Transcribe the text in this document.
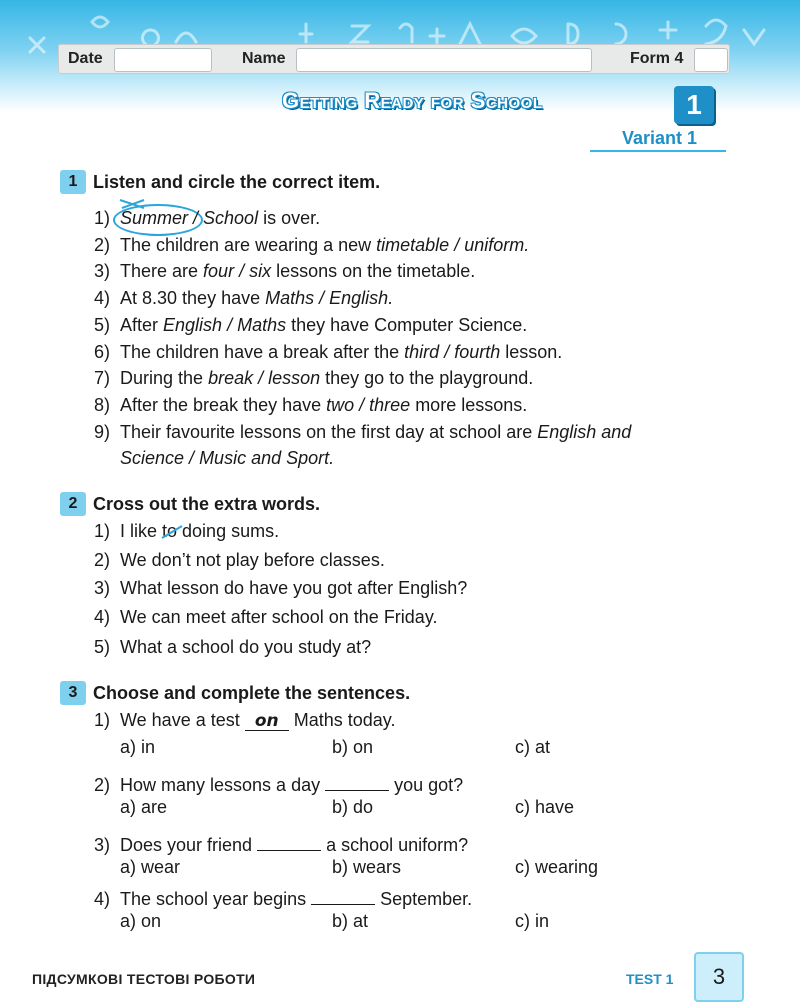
Date	Name	Form 4
Getting Ready for School	1
Variant 1
1 Listen and circle the correct item.
1) Summer / School is over.
2) The children are wearing a new timetable / uniform.
3) There are four / six lessons on the timetable.
4) At 8.30 they have Maths / English.
5) After English / Maths they have Computer Science.
6) The children have a break after the third / fourth lesson.
7) During the break / lesson they go to the playground.
8) After the break they have two / three more lessons.
9) Their favourite lessons on the first day at school are English and
Science / Music and Sport.
2 Cross out the extra words.
1) I like to
doing sums.
2) We don’t not play before classes.
3) What lesson do have you got after English?
4) We can meet after school on the Friday.
5) What a school do you study at?
3 Choose and complete the sentences.
1) We have a test on Maths today.
a) in	b) on	c) at
2) How many lessons a day	you got?
a) are	b) do	c) have
3) Does your friend	a school uniform?
a) wear	b) wears	c) wearing
4) The school year begins	September.
a) on	b) at	c) in
ПІДСУМКОВІ ТЕСТОВІ РОБОТИ	TEST 1	3
